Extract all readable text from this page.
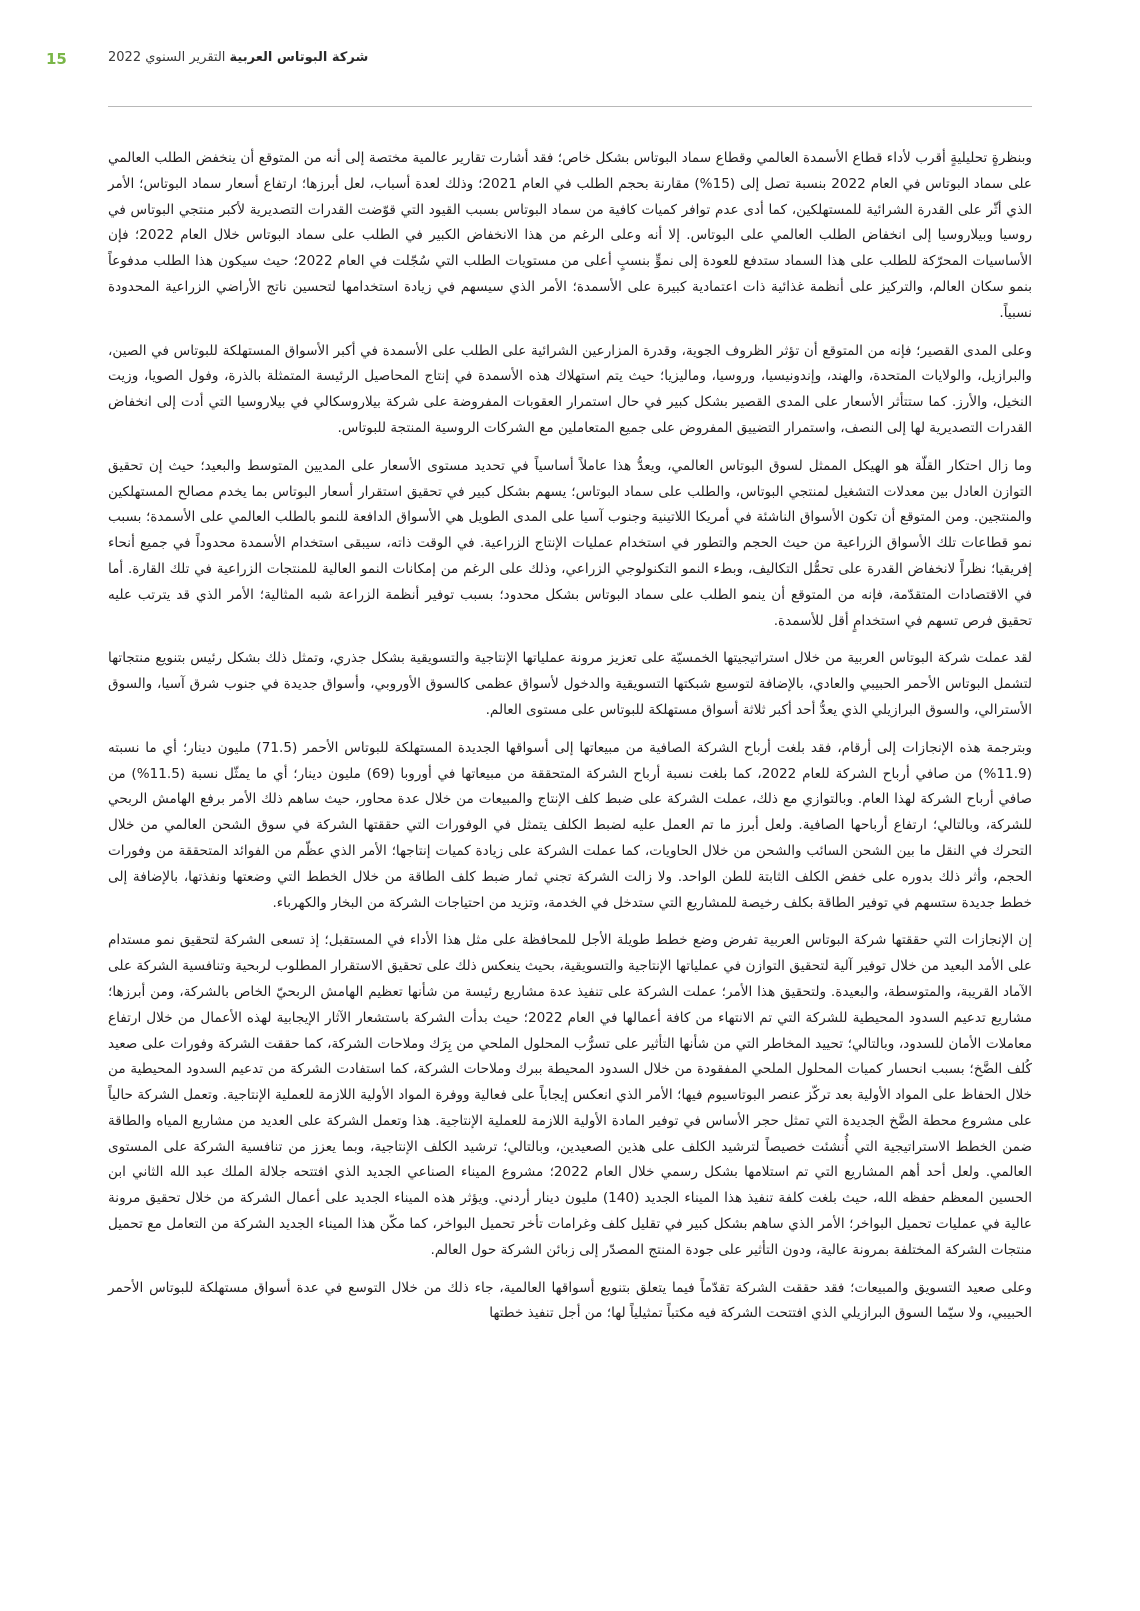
15	شركة البوتاس العربية التقرير السنوي 2022

وبنظرةٍ تحليليةٍ أقرب لأداء قطاع الأسمدة العالمي وقطاع سماد البوتاس بشكل خاص؛ فقد أشارت تقارير عالمية مختصة إلى أنه من المتوقع أن ينخفض الطلب العالمي على سماد البوتاس في العام 2022 بنسبة تصل إلى (15%) مقارنة بحجم الطلب في العام 2021؛ وذلك لعدة أسباب، لعل أبرزها؛ ارتفاع أسعار سماد البوتاس؛ الأمر الذي أثّر على القدرة الشرائية للمستهلكين، كما أدى عدم توافر كميات كافية من سماد البوتاس بسبب القيود التي قوّضت القدرات التصديرية لأكبر منتجي البوتاس في روسيا وبيلاروسيا إلى انخفاض الطلب العالمي على البوتاس. إلا أنه وعلى الرغم من هذا الانخفاض الكبير في الطلب على سماد البوتاس خلال العام 2022؛ فإن الأساسيات المحرّكة للطلب على هذا السماد ستدفع للعودة إلى نموٍّ بنسبٍ أعلى من مستويات الطلب التي سُجّلت في العام 2022؛ حيث سيكون هذا الطلب مدفوعاً بنمو سكان العالم، والتركيز على أنظمة غذائية ذات اعتمادية كبيرة على الأسمدة؛ الأمر الذي سيسهم في زيادة استخدامها لتحسين ناتج الأراضي الزراعية المحدودة نسبياً.

وعلى المدى القصير؛ فإنه من المتوقع أن تؤثر الظروف الجوية، وقدرة المزارعين الشرائية على الطلب على الأسمدة في أكبر الأسواق المستهلكة للبوتاس في الصين، والبرازيل، والولايات المتحدة، والهند، وإندونيسيا، وروسيا، وماليزيا؛ حيث يتم استهلاك هذه الأسمدة في إنتاج المحاصيل الرئيسة المتمثلة بالذرة، وفول الصويا، وزيت النخيل، والأرز. كما ستتأثر الأسعار على المدى القصير بشكل كبير في حال استمرار العقوبات المفروضة على شركة بيلاروسكالي في بيلاروسيا التي أدت إلى انخفاض القدرات التصديرية لها إلى النصف، واستمرار التضييق المفروض على جميع المتعاملين مع الشركات الروسية المنتجة للبوتاس.

وما زال احتكار القلّة هو الهيكل الممثل لسوق البوتاس العالمي، ويعدُّ هذا عاملاً أساسياً في تحديد مستوى الأسعار على المديين المتوسط والبعيد؛ حيث إن تحقيق التوازن العادل بين معدلات التشغيل لمنتجي البوتاس، والطلب على سماد البوتاس؛ يسهم بشكل كبير في تحقيق استقرار أسعار البوتاس بما يخدم مصالح المستهلكين والمنتجين. ومن المتوقع أن تكون الأسواق الناشئة في أمريكا اللاتينية وجنوب آسيا على المدى الطويل هي الأسواق الدافعة للنمو بالطلب العالمي على الأسمدة؛ بسبب نمو قطاعات تلك الأسواق الزراعية من حيث الحجم والتطور في استخدام عمليات الإنتاج الزراعية. في الوقت ذاته، سيبقى استخدام الأسمدة محدوداً في جميع أنحاء إفريقيا؛ نظراً لانخفاض القدرة على تحمُّل التكاليف، وبطء النمو التكنولوجي الزراعي، وذلك على الرغم من إمكانات النمو العالية للمنتجات الزراعية في تلك القارة. أما في الاقتصادات المتقدّمة، فإنه من المتوقع أن ينمو الطلب على سماد البوتاس بشكل محدود؛ بسبب توفير أنظمة الزراعة شبه المثالية؛ الأمر الذي قد يترتب عليه تحقيق فرص تسهم في استخدامٍ أقل للأسمدة.

لقد عملت شركة البوتاس العربية من خلال استراتيجيتها الخمسيّة على تعزيز مرونة عملياتها الإنتاجية والتسويقية بشكل جذري، وتمثل ذلك بشكل رئيس بتنويع منتجاتها لتشمل البوتاس الأحمر الحبيبي والعادي، بالإضافة لتوسيع شبكتها التسويقية والدخول لأسواق عظمى كالسوق الأوروبي، وأسواق جديدة في جنوب شرق آسيا، والسوق الأسترالي، والسوق البرازيلي الذي يعدُّ أحد أكبر ثلاثة أسواق مستهلكة للبوتاس على مستوى العالم.

وبترجمة هذه الإنجازات إلى أرقام، فقد بلغت أرباح الشركة الصافية من مبيعاتها إلى أسواقها الجديدة المستهلكة للبوتاس الأحمر (71.5) مليون دينار؛ أي ما نسبته (11.9%) من صافي أرباح الشركة للعام 2022، كما بلغت نسبة أرباح الشركة المتحققة من مبيعاتها في أوروبا (69) مليون دينار؛ أي ما يمثّل نسبة (11.5%) من صافي أرباح الشركة لهذا العام. وبالتوازي مع ذلك، عملت الشركة على ضبط كلف الإنتاج والمبيعات من خلال عدة محاور، حيث ساهم ذلك الأمر برفع الهامش الربحي للشركة، وبالتالي؛ ارتفاع أرباحها الصافية. ولعل أبرز ما تم العمل عليه لضبط الكلف يتمثل في الوفورات التي حققتها الشركة في سوق الشحن العالمي من خلال التحرك في النقل ما بين الشحن السائب والشحن من خلال الحاويات، كما عملت الشركة على زيادة كميات إنتاجها؛ الأمر الذي عظّم من الفوائد المتحققة من وفورات الحجم، وأثر ذلك بدوره على خفض الكلف الثابتة للطن الواحد. ولا زالت الشركة تجني ثمار ضبط كلف الطاقة من خلال الخطط التي وضعتها ونفذتها، بالإضافة إلى خطط جديدة ستسهم في توفير الطاقة بكلف رخيصة للمشاريع التي ستدخل في الخدمة، وتزيد من احتياجات الشركة من البخار والكهرباء.

إن الإنجازات التي حققتها شركة البوتاس العربية تفرض وضع خطط طويلة الأجل للمحافظة على مثل هذا الأداء في المستقبل؛ إذ تسعى الشركة لتحقيق نمو مستدام على الأمد البعيد من خلال توفير آلية لتحقيق التوازن في عملياتها الإنتاجية والتسويقية، بحيث ينعكس ذلك على تحقيق الاستقرار المطلوب لربحية وتنافسية الشركة على الآماد القريبة، والمتوسطة، والبعيدة. ولتحقيق هذا الأمر؛ عملت الشركة على تنفيذ عدة مشاريع رئيسة من شأنها تعظيم الهامش الربحيّ الخاص بالشركة، ومن أبرزها؛ مشاريع تدعيم السدود المحيطية للشركة التي تم الانتهاء من كافة أعمالها في العام 2022؛ حيث بدأت الشركة باستشعار الآثار الإيجابية لهذه الأعمال من خلال ارتفاع معاملات الأمان للسدود، وبالتالي؛ تحييد المخاطر التي من شأنها التأثير على تسرُّب المحلول الملحي من بِرَك وملاحات الشركة، كما حققت الشركة وفورات على صعيد كُلف الضَّخ؛ بسبب انحسار كميات المحلول الملحي المفقودة من خلال السدود المحيطة ببرك وملاحات الشركة، كما استفادت الشركة من تدعيم السدود المحيطية من خلال الحفاظ على المواد الأولية بعد تركّز عنصر البوتاسيوم فيها؛ الأمر الذي انعكس إيجاباً على فعالية ووفرة المواد الأولية اللازمة للعملية الإنتاجية. وتعمل الشركة حالياً على مشروع محطة الضَّخ الجديدة التي تمثل حجر الأساس في توفير المادة الأولية اللازمة للعملية الإنتاجية. هذا وتعمل الشركة على العديد من مشاريع المياه والطاقة ضمن الخطط الاستراتيجية التي أُنشئت خصيصاً لترشيد الكلف على هذين الصعيدين، وبالتالي؛ ترشيد الكلف الإنتاجية، وبما يعزز من تنافسية الشركة على المستوى العالمي. ولعل أحد أهم المشاريع التي تم استلامها بشكل رسمي خلال العام 2022؛ مشروع الميناء الصناعي الجديد الذي افتتحه جلالة الملك عبد الله الثاني ابن الحسين المعظم حفظه الله، حيث بلغت كلفة تنفيذ هذا الميناء الجديد (140) مليون دينار أردني. ويؤثر هذه الميناء الجديد على أعمال الشركة من خلال تحقيق مرونة عالية في عمليات تحميل البواخر؛ الأمر الذي ساهم بشكل كبير في تقليل كلف وغرامات تأخر تحميل البواخر، كما مكّن هذا الميناء الجديد الشركة من التعامل مع تحميل منتجات الشركة المختلفة بمرونة عالية، ودون التأثير على جودة المنتج المصدّر إلى زبائن الشركة حول العالم.

وعلى صعيد التسويق والمبيعات؛ فقد حققت الشركة تقدّماً فيما يتعلق بتنويع أسواقها العالمية، جاء ذلك من خلال التوسع في عدة أسواق مستهلكة للبوتاس الأحمر الحبيبي، ولا سيّما السوق البرازيلي الذي افتتحت الشركة فيه مكتباً تمثيلياً لها؛ من أجل تنفيذ خطتها
